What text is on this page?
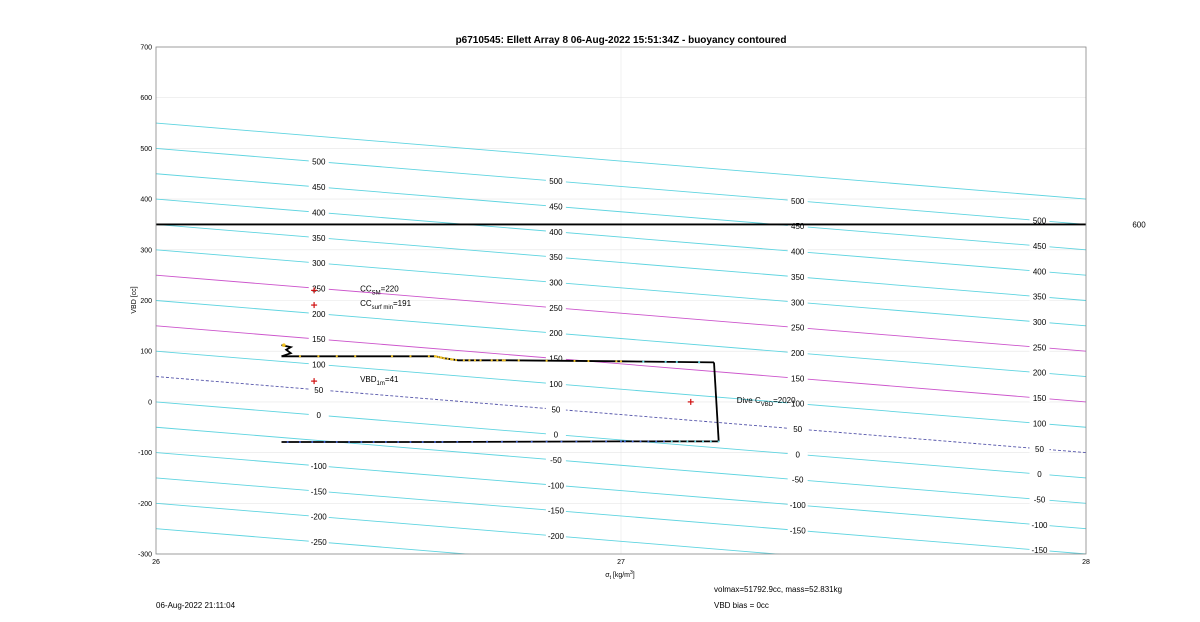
500
450
400
350
300
250
200
150
100
50
0
-100
-150
-200
-250
500
450
400
350
300
250
200
150
100
50
0
-50
-100
-150
-200
500
450
400
350
300
250
200
150
100
50
0
-50
-100
-150
500
450
400
350
300
250
200
150
100
50
0
-50
-100
-150
600
$CC_{SM}=220$
$CC_{surf min}=191$
$VBD_{1m}=41$
Dive $C_{VBD}=2020$
700
600
500
400
300
200
100
0
-100
-200
-300
26	27	28
p6710545: Ellett Array 8 06-Aug-2022 15:51:34Z - buoyancy contoured
VBD [cc]
$\sigma_t$ $[kg/m^3]$
06-Aug-2022 21:11:04
volmax=51792.9cc, mass=52.831kg
VBD bias = 0cc
